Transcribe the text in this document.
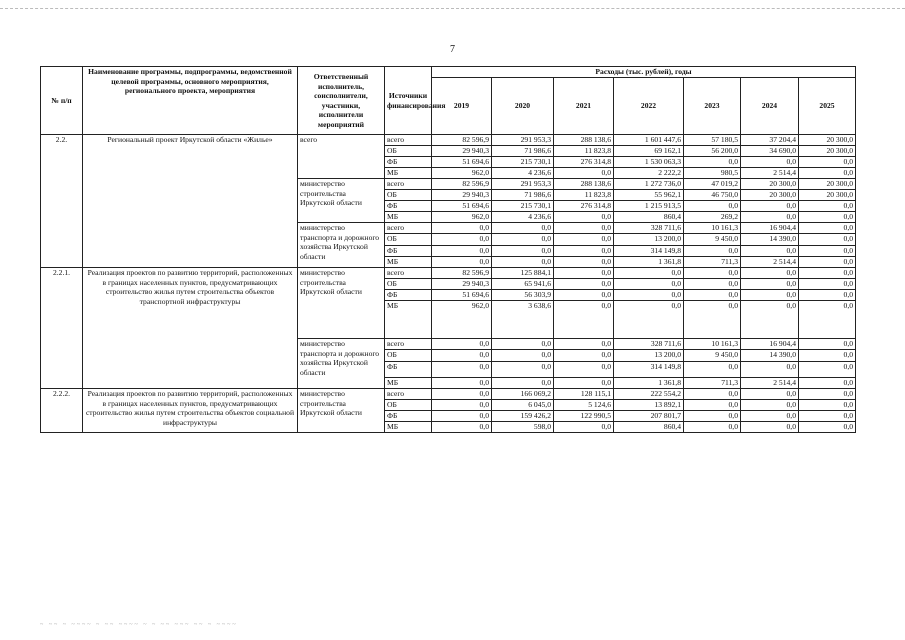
7
№ п/п	Наименование программы, подпрограммы, ведомственной целевой программы, основного мероприятия, регионального проекта, мероприятия	Ответственный исполнитель, соисполнители, участники, исполнители мероприятий	Источники финансирования	Расходы (тыс. рублей), годы						
				2019	2020	2021	2022	2023	2024	2025
2.2.	Региональный проект Иркутской области «Жилье»	всего	всего	82 596,9	291 953,3	288 138,6	1 601 447,6	57 180,5	37 204,4	20 300,0
			ОБ	29 940,3	71 986,6	11 823,8	69 162,1	56 200,0	34 690,0	20 300,0
			ФБ	51 694,6	215 730,1	276 314,8	1 530 063,3	0,0	0,0	0,0
			МБ	962,0	4 236,6	0,0	2 222,2	980,5	2 514,4	0,0
		министерство строительства Иркутской области	всего	82 596,9	291 953,3	288 138,6	1 272 736,0	47 019,2	20 300,0	20 300,0
			ОБ	29 940,3	71 986,6	11 823,8	55 962,1	46 750,0	20 300,0	20 300,0
			ФБ	51 694,6	215 730,1	276 314,8	1 215 913,5	0,0	0,0	0,0
			МБ	962,0	4 236,6	0,0	860,4	269,2	0,0	0,0
		министерство транспорта и дорожного хозяйства Иркутской области	всего	0,0	0,0	0,0	328 711,6	10 161,3	16 904,4	0,0
			ОБ	0,0	0,0	0,0	13 200,0	9 450,0	14 390,0	0,0
			ФБ	0,0	0,0	0,0	314 149,8	0,0	0,0	0,0
			МБ	0,0	0,0	0,0	1 361,8	711,3	2 514,4	0,0
2.2.1.	Реализация проектов по развитию территорий, расположенных в границах населенных пунктов, предусматривающих строительство жилья путем строительства объектов транспортной инфраструктуры	министерство строительства Иркутской области	всего	82 596,9	125 884,1	0,0	0,0	0,0	0,0	0,0
			ОБ	29 940,3	65 941,6	0,0	0,0	0,0	0,0	0,0
			ФБ	51 694,6	56 303,9	0,0	0,0	0,0	0,0	0,0
			МБ	962,0	3 638,6	0,0	0,0	0,0	0,0	0,0
		министерство транспорта и дорожного хозяйства Иркутской области	всего	0,0	0,0	0,0	328 711,6	10 161,3	16 904,4	0,0
			ОБ	0,0	0,0	0,0	13 200,0	9 450,0	14 390,0	0,0
			ФБ	0,0	0,0	0,0	314 149,8	0,0	0,0	0,0
			МБ	0,0	0,0	0,0	1 361,8	711,3	2 514,4	0,0
2.2.2.	Реализация проектов по развитию территорий, расположенных в границах населенных пунктов, предусматривающих строительство жилья путем строительства объектов социальной инфраструктуры	министерство строительства Иркутской области	всего	0,0	166 069,2	128 115,1	222 554,2	0,0	0,0	0,0
			ОБ	0,0	6 045,0	5 124,6	13 892,1	0,0	0,0	0,0
			ФБ	0,0	159 426,2	122 990,5	207 801,7	0,0	0,0	0,0
			МБ	0,0	598,0	0,0	860,4	0,0	0,0	0,0
~ ~~ ~ ~~~~ ~ ~~ ~~~~ ~ ~ ~~ ~~~ ~~ ~ ~~~~
